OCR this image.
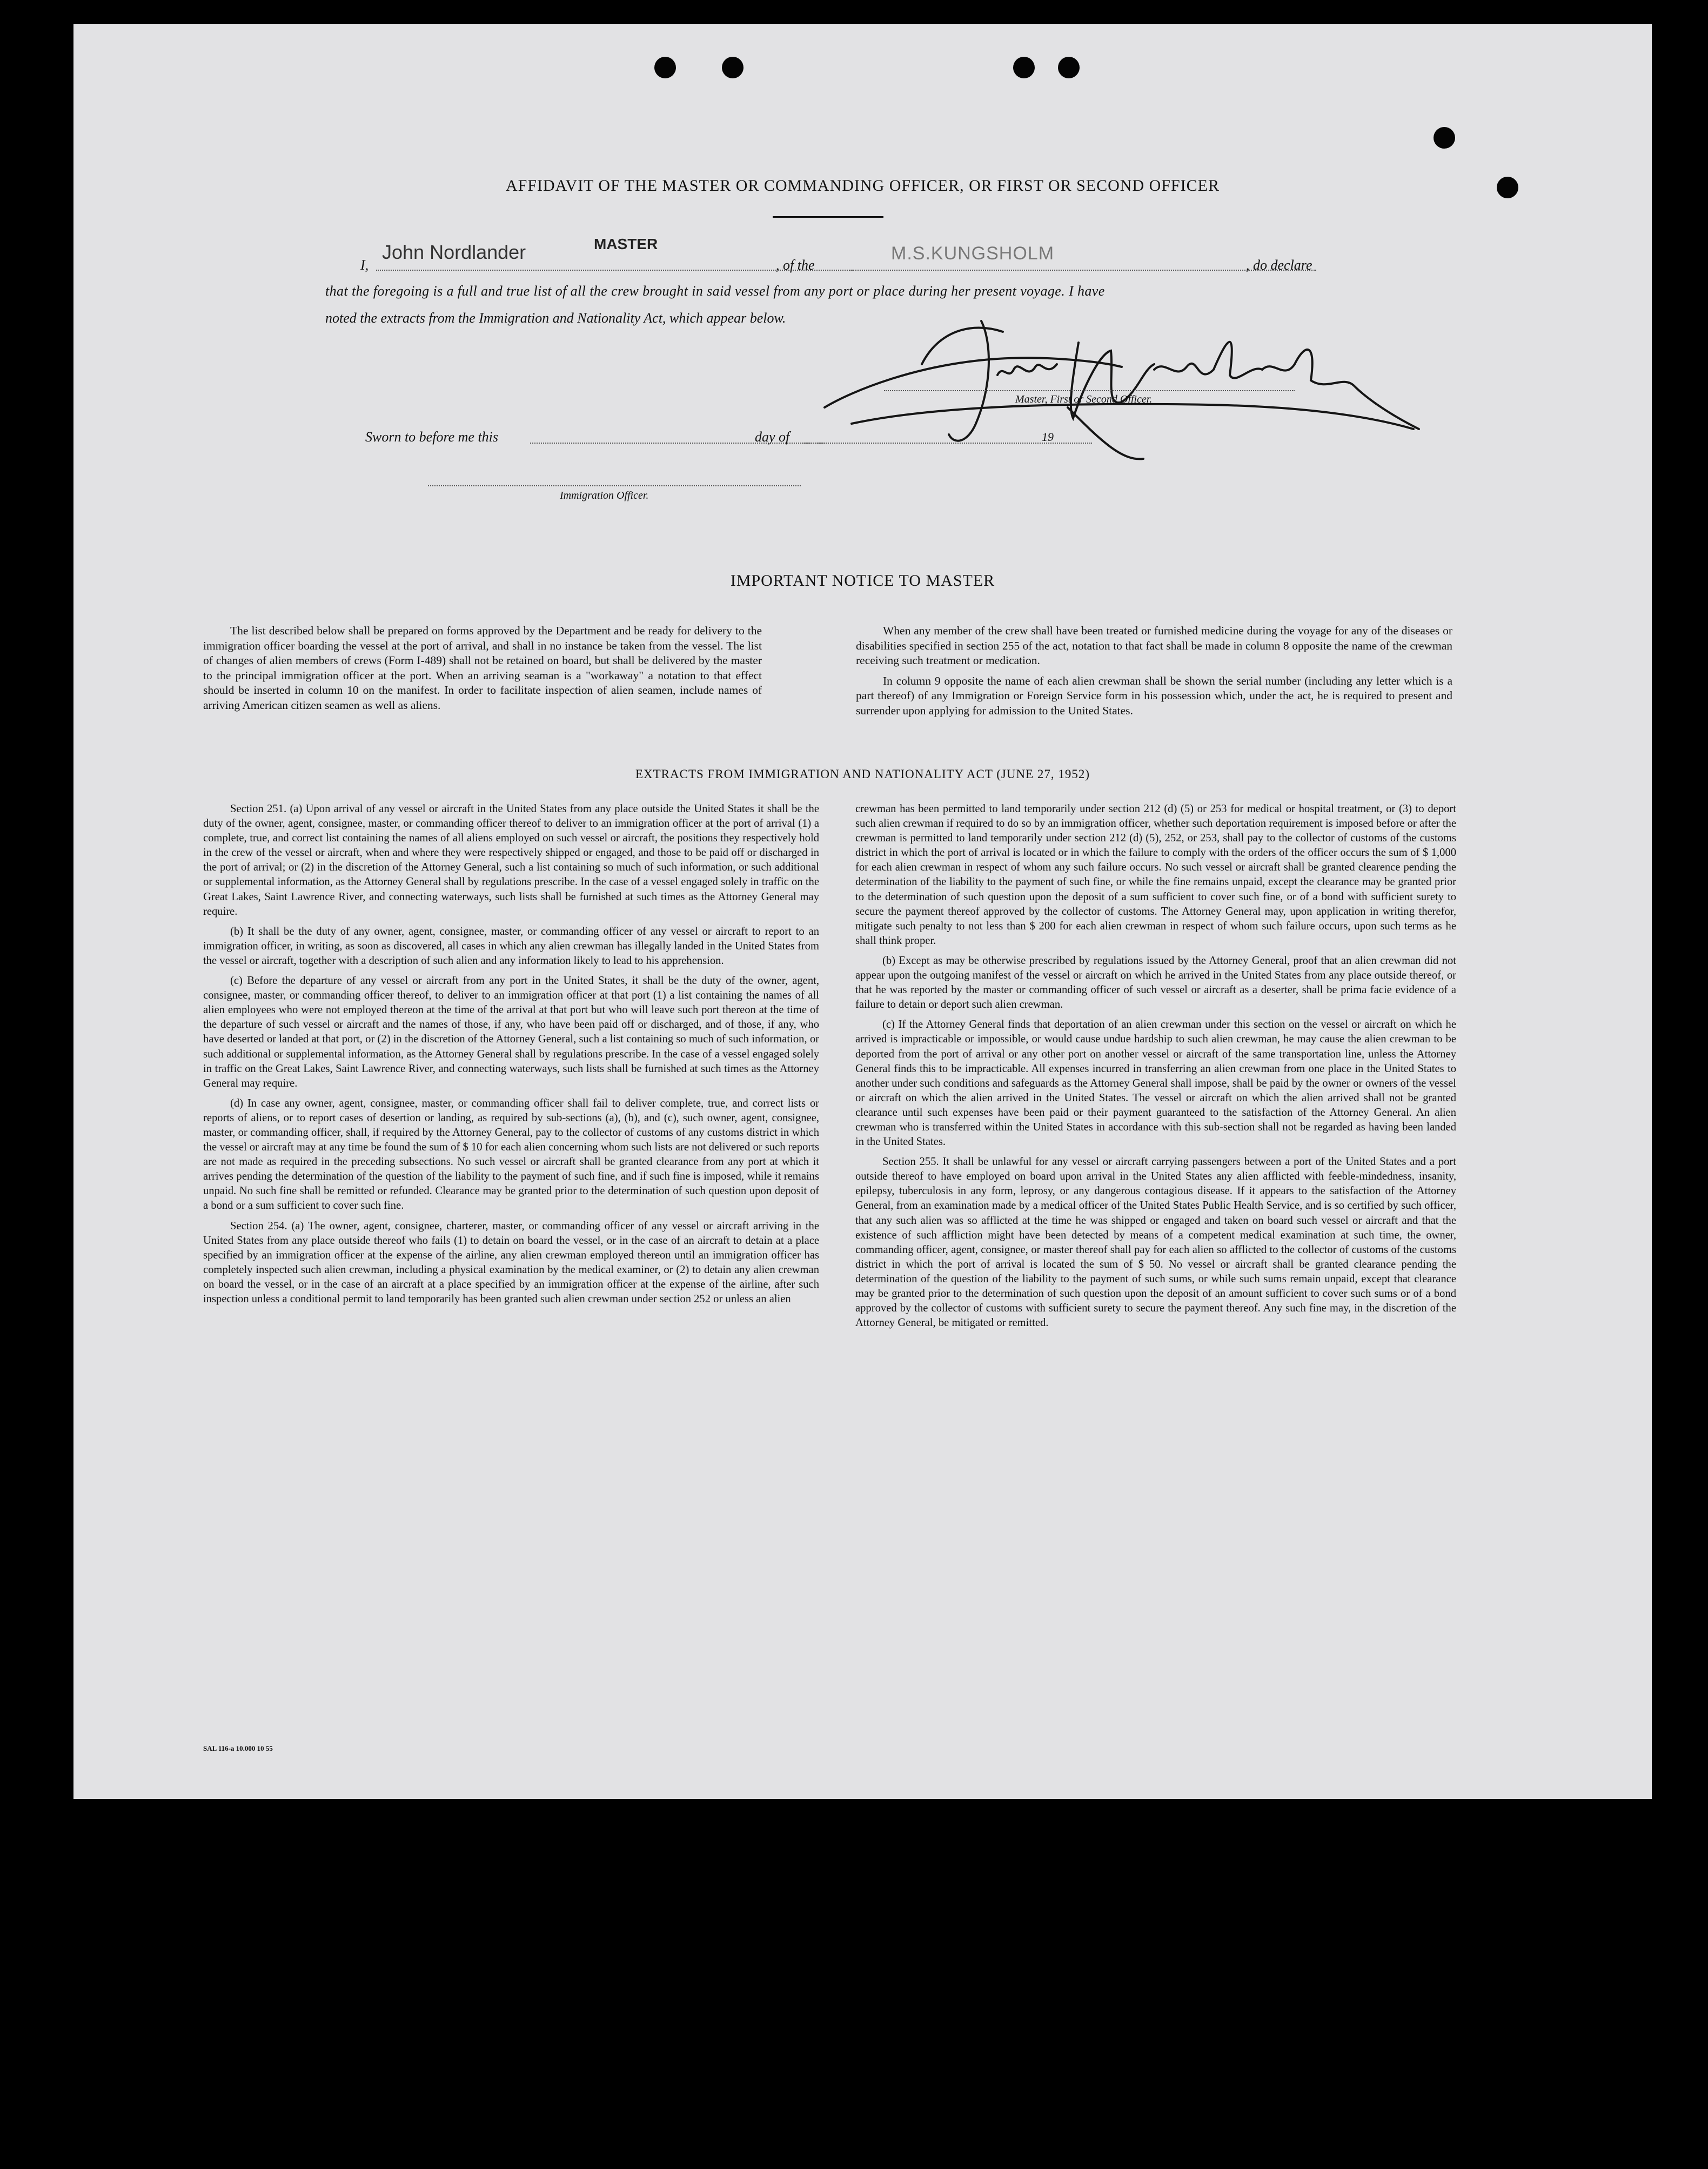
AFFIDAVIT OF THE MASTER OR COMMANDING OFFICER, OR FIRST OR SECOND OFFICER
I,
John Nordlander	MASTER
, of the
M.S.KUNGSHOLM
, do declare
that the foregoing is a full and true list of all the crew brought in said vessel from any port or place during her present voyage. I have
noted the extracts from the Immigration and Nationality Act, which appear below.
Master, First or Second Officer.
Sworn to before me this	day of	19
Immigration Officer.
IMPORTANT NOTICE TO MASTER

The list described below shall be prepared on forms approved by the Department and be ready for delivery to the immigration officer boarding the vessel at the port of arrival, and shall in no instance be taken from the vessel. The list of changes of alien members of crews (Form I-489) shall not be retained on board, but shall be delivered by the master to the principal immigration officer at the port. When an arriving seaman is a "workaway" a notation to that effect should be inserted in column 10 on the manifest. In order to facilitate inspection of alien seamen, include names of arriving American citizen seamen as well as aliens.

When any member of the crew shall have been treated or furnished medicine during the voyage for any of the diseases or disabilities specified in section 255 of the act, notation to that fact shall be made in column 8 opposite the name of the crewman receiving such treatment or medication.

In column 9 opposite the name of each alien crewman shall be shown the serial number (including any letter which is a part thereof) of any Immigration or Foreign Service form in his possession which, under the act, he is required to present and surrender upon applying for admission to the United States.

EXTRACTS FROM IMMIGRATION AND NATIONALITY ACT (JUNE 27, 1952)

Section 251. (a) Upon arrival of any vessel or aircraft in the United States from any place outside the United States it shall be the duty of the owner, agent, consignee, master, or commanding officer thereof to deliver to an immigration officer at the port of arrival (1) a complete, true, and correct list containing the names of all aliens employed on such vessel or aircraft, the positions they respectively hold in the crew of the vessel or aircraft, when and where they were respectively shipped or engaged, and those to be paid off or discharged in the port of arrival; or (2) in the discretion of the Attorney General, such a list containing so much of such information, or such additional or supplemental information, as the Attorney General shall by regulations prescribe. In the case of a vessel engaged solely in traffic on the Great Lakes, Saint Lawrence River, and connecting waterways, such lists shall be furnished at such times as the Attorney General may require.

(b) It shall be the duty of any owner, agent, consignee, master, or commanding officer of any vessel or aircraft to report to an immigration officer, in writing, as soon as discovered, all cases in which any alien crewman has illegally landed in the United States from the vessel or aircraft, together with a description of such alien and any information likely to lead to his apprehension.

(c) Before the departure of any vessel or aircraft from any port in the United States, it shall be the duty of the owner, agent, consignee, master, or commanding officer thereof, to deliver to an immigration officer at that port (1) a list containing the names of all alien employees who were not employed thereon at the time of the arrival at that port but who will leave such port thereon at the time of the departure of such vessel or aircraft and the names of those, if any, who have been paid off or discharged, and of those, if any, who have deserted or landed at that port, or (2) in the discretion of the Attorney General, such a list containing so much of such information, or such additional or supplemental information, as the Attorney General shall by regulations prescribe. In the case of a vessel engaged solely in traffic on the Great Lakes, Saint Lawrence River, and connecting waterways, such lists shall be furnished at such times as the Attorney General may require.

(d) In case any owner, agent, consignee, master, or commanding officer shall fail to deliver complete, true, and correct lists or reports of aliens, or to report cases of desertion or landing, as required by sub-sections (a), (b), and (c), such owner, agent, consignee, master, or commanding officer, shall, if required by the Attorney General, pay to the collector of customs of any customs district in which the vessel or aircraft may at any time be found the sum of $ 10 for each alien concerning whom such lists are not delivered or such reports are not made as required in the preceding subsections. No such vessel or aircraft shall be granted clearance from any port at which it arrives pending the determination of the question of the liability to the payment of such fine, and if such fine is imposed, while it remains unpaid. No such fine shall be remitted or refunded. Clearance may be granted prior to the determination of such question upon deposit of a bond or a sum sufficient to cover such fine.

Section 254. (a) The owner, agent, consignee, charterer, master, or commanding officer of any vessel or aircraft arriving in the United States from any place outside thereof who fails (1) to detain on board the vessel, or in the case of an aircraft to detain at a place specified by an immigration officer at the expense of the airline, any alien crewman employed thereon until an immigration officer has completely inspected such alien crewman, including a physical examination by the medical examiner, or (2) to detain any alien crewman on board the vessel, or in the case of an aircraft at a place specified by an immigration officer at the expense of the airline, after such inspection unless a conditional permit to land temporarily has been granted such alien crewman under section 252 or unless an alien

crewman has been permitted to land temporarily under section 212 (d) (5) or 253 for medical or hospital treatment, or (3) to deport such alien crewman if required to do so by an immigration officer, whether such deportation requirement is imposed before or after the crewman is permitted to land temporarily under section 212 (d) (5), 252, or 253, shall pay to the collector of customs of the customs district in which the port of arrival is located or in which the failure to comply with the orders of the officer occurs the sum of $ 1,000 for each alien crewman in respect of whom any such failure occurs. No such vessel or aircraft shall be granted clearence pending the determination of the liability to the payment of such fine, or while the fine remains unpaid, except the clearance may be granted prior to the determination of such question upon the deposit of a sum sufficient to cover such fine, or of a bond with sufficient surety to secure the payment thereof approved by the collector of customs. The Attorney General may, upon application in writing therefor, mitigate such penalty to not less than $ 200 for each alien crewman in respect of whom such failure occurs, upon such terms as he shall think proper.

(b) Except as may be otherwise prescribed by regulations issued by the Attorney General, proof that an alien crewman did not appear upon the outgoing manifest of the vessel or aircraft on which he arrived in the United States from any place outside thereof, or that he was reported by the master or commanding officer of such vessel or aircraft as a deserter, shall be prima facie evidence of a failure to detain or deport such alien crewman.

(c) If the Attorney General finds that deportation of an alien crewman under this section on the vessel or aircraft on which he arrived is impracticable or impossible, or would cause undue hardship to such alien crewman, he may cause the alien crewman to be deported from the port of arrival or any other port on another vessel or aircraft of the same transportation line, unless the Attorney General finds this to be impracticable. All expenses incurred in transferring an alien crewman from one place in the United States to another under such conditions and safeguards as the Attorney General shall impose, shall be paid by the owner or owners of the vessel or aircraft on which the alien arrived in the United States. The vessel or aircraft on which the alien arrived shall not be granted clearance until such expenses have been paid or their payment guaranteed to the satisfaction of the Attorney General. An alien crewman who is transferred within the United States in accordance with this sub-section shall not be regarded as having been landed in the United States.

Section 255. It shall be unlawful for any vessel or aircraft carrying passengers between a port of the United States and a port outside thereof to have employed on board upon arrival in the United States any alien afflicted with feeble-mindedness, insanity, epilepsy, tuberculosis in any form, leprosy, or any dangerous contagious disease. If it appears to the satisfaction of the Attorney General, from an examination made by a medical officer of the United States Public Health Service, and is so certified by such officer, that any such alien was so afflicted at the time he was shipped or engaged and taken on board such vessel or aircraft and that the existence of such affliction might have been detected by means of a competent medical examination at such time, the owner, commanding officer, agent, consignee, or master thereof shall pay for each alien so afflicted to the collector of customs of the customs district in which the port of arrival is located the sum of $ 50. No vessel or aircraft shall be granted clearance pending the determination of the question of the liability to the payment of such sums, or while such sums remain unpaid, except that clearance may be granted prior to the determination of such question upon the deposit of an amount sufficient to cover such sums or of a bond approved by the collector of customs with sufficient surety to secure the payment thereof. Any such fine may, in the discretion of the Attorney General, be mitigated or remitted.

SAL 116-a 10.000 10 55
